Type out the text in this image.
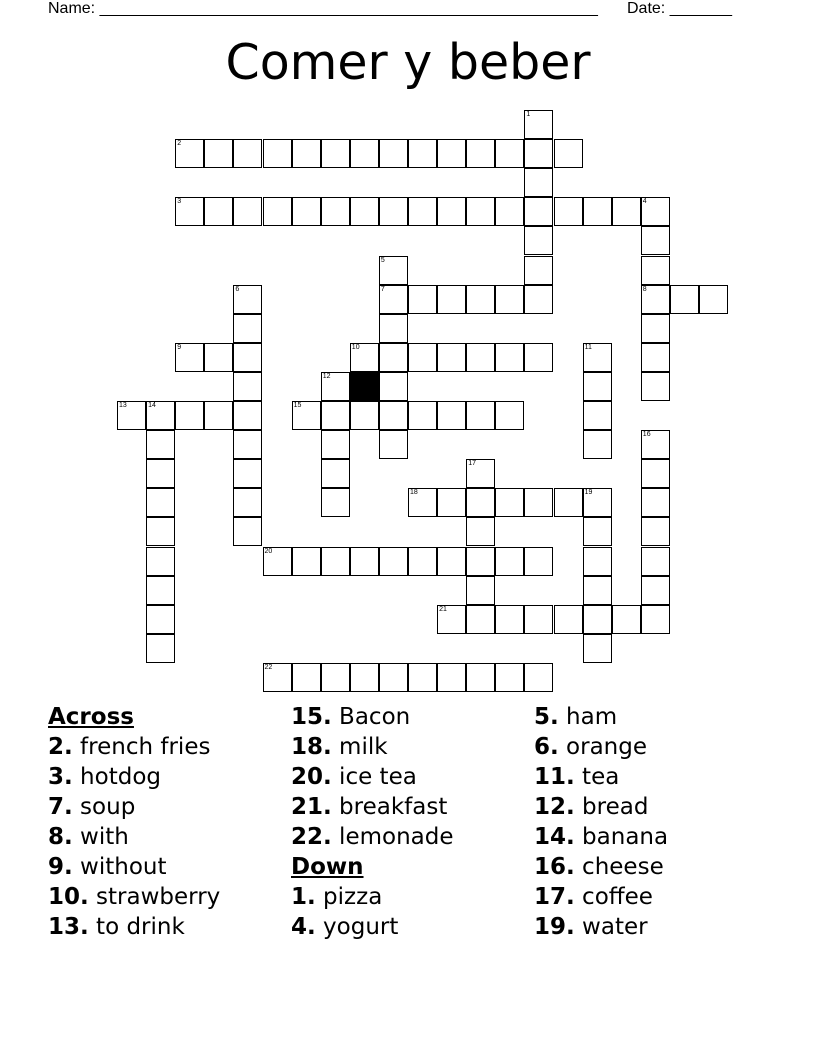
Name: ________________________________________________________ Date: _______
Comer y beber
2
3	4
7	8
9	10
13	14	15
18	19
20
21
22
1
5
6
11
12
16
17
Across
2. french fries
3. hotdog
7. soup
8. with
9. without
10. strawberry
13. to drink
15. Bacon
18. milk
20. ice tea
21. breakfast
22. lemonade
Down
1. pizza
4. yogurt
5. ham
6. orange
11. tea
12. bread
14. banana
16. cheese
17. coffee
19. water
